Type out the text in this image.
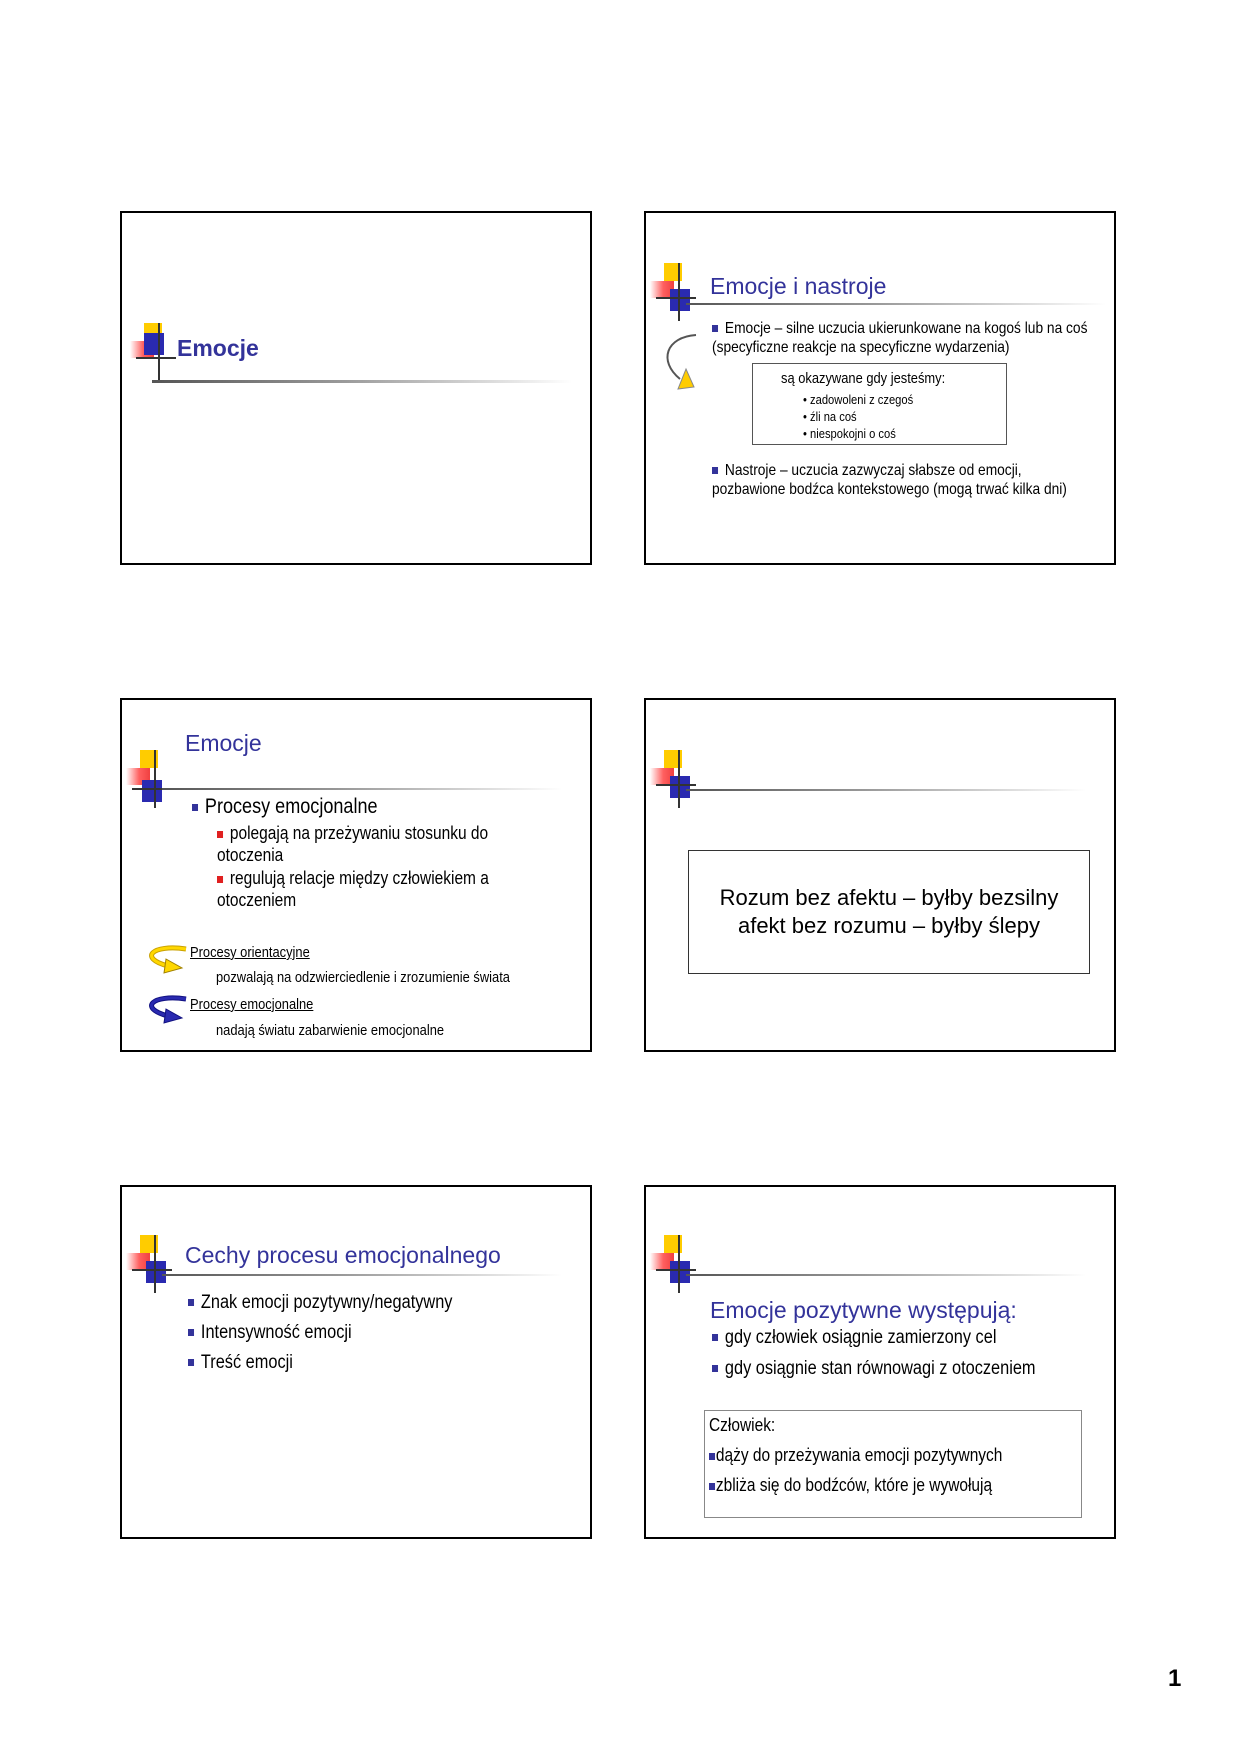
Emocje
Emocje i nastroje
Emocje – silne uczucia ukierunkowane na kogoś lub na coś (specyficzne reakcje na specyficzne wydarzenia)
są okazywane gdy jesteśmy:
• zadowoleni z czegoś
• źli na coś
• niespokojni o coś
Nastroje – uczucia zazwyczaj słabsze od emocji, pozbawione bodźca kontekstowego (mogą trwać kilka dni)
Emocje
Procesy emocjonalne
polegają na przeżywaniu stosunku do otoczenia
regulują relacje między człowiekiem a otoczeniem
Procesy orientacyjne
pozwalają na odzwierciedlenie i zrozumienie świata
Procesy emocjonalne
nadają światu zabarwienie emocjonalne
Rozum bez afektu – byłby bezsilny
afekt bez rozumu – byłby ślepy
Cechy procesu emocjonalnego
Znak emocji pozytywny/negatywny
Intensywność emocji
Treść emocji
Emocje pozytywne występują:
gdy człowiek osiągnie zamierzony cel
gdy osiągnie stan równowagi z otoczeniem
Człowiek:
dąży do przeżywania emocji pozytywnych
zbliża się do bodźców, które je wywołują
1
